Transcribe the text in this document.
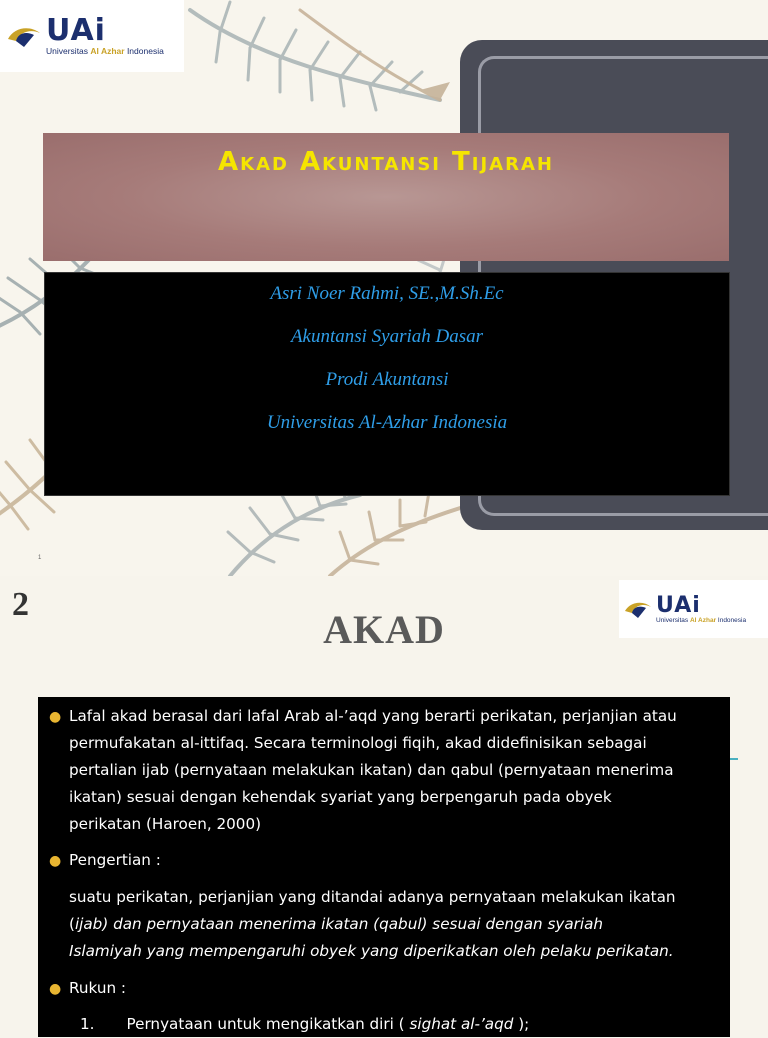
UAi
Universitas Al Azhar Indonesia
Akad Akuntansi Tijarah

Asri Noer Rahmi, SE.,M.Sh.Ec

Akuntansi Syariah Dasar

Prodi Akuntansi

Universitas Al-Azhar Indonesia

1
2
AKAD
UAi
Universitas Al Azhar Indonesia
● Lafal akad berasal dari lafal Arab al-’aqd yang berarti perikatan, perjanjian atau

permufakatan al-ittifaq. Secara terminologi fiqih, akad didefinisikan sebagai

pertalian ijab (pernyataan melakukan ikatan) dan qabul (pernyataan menerima

ikatan) sesuai dengan kehendak syariat yang berpengaruh pada obyek

perikatan (Haroen, 2000)

● Pengertian :

suatu perikatan, perjanjian yang ditandai adanya pernyataan melakukan ikatan

(ijab) dan pernyataan menerima ikatan (qabul) sesuai dengan syariah

Islamiyah yang mempengaruhi obyek yang diperikatkan oleh pelaku perikatan.

● Rukun :

1. Pernyataan untuk mengikatkan diri ( sighat al-’aqd );
